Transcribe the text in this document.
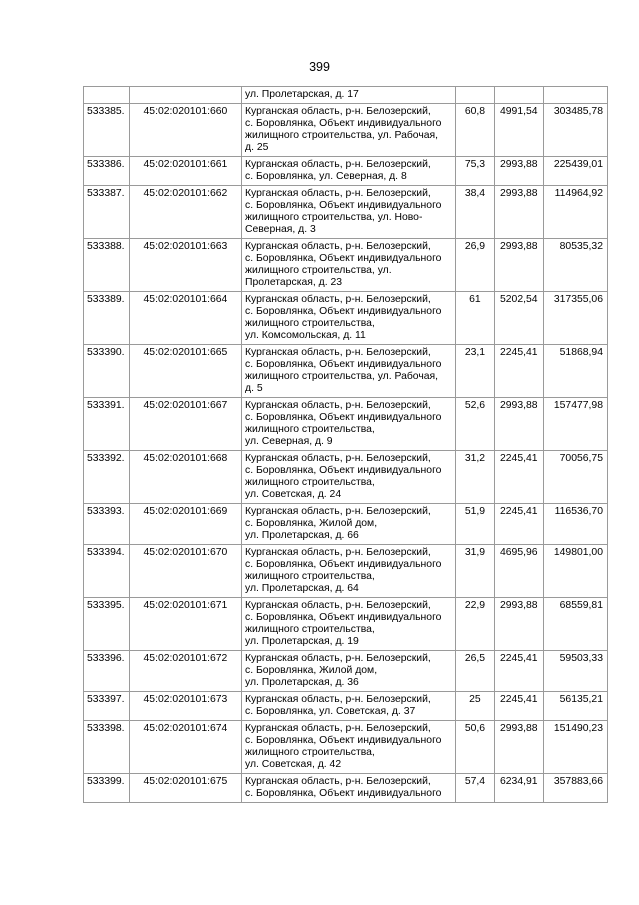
399

		ул. Пролетарская, д. 17			

533385.	45:02:020101:660	Курганская область, р-н. Белозерский,
с. Боровлянка, Объект индивидуального
жилищного строительства, ул. Рабочая,
д. 25	60,8	4991,54	303485,78
533386.	45:02:020101:661	Курганская область, р-н. Белозерский,
с. Боровлянка, ул. Северная, д. 8	75,3	2993,88	225439,01
533387.	45:02:020101:662	Курганская область, р-н. Белозерский,
с. Боровлянка, Объект индивидуального
жилищного строительства, ул. Ново-
Северная, д. 3	38,4	2993,88	114964,92
533388.	45:02:020101:663	Курганская область, р-н. Белозерский,
с. Боровлянка, Объект индивидуального
жилищного строительства, ул.
Пролетарская, д. 23	26,9	2993,88	80535,32
533389.	45:02:020101:664	Курганская область, р-н. Белозерский,
с. Боровлянка, Объект индивидуального
жилищного строительства,
ул. Комсомольская, д. 11	61	5202,54	317355,06
533390.	45:02:020101:665	Курганская область, р-н. Белозерский,
с. Боровлянка, Объект индивидуального
жилищного строительства, ул. Рабочая,
д. 5	23,1	2245,41	51868,94
533391.	45:02:020101:667	Курганская область, р-н. Белозерский,
с. Боровлянка, Объект индивидуального
жилищного строительства,
ул. Северная, д. 9	52,6	2993,88	157477,98
533392.	45:02:020101:668	Курганская область, р-н. Белозерский,
с. Боровлянка, Объект индивидуального
жилищного строительства,
ул. Советская, д. 24	31,2	2245,41	70056,75
533393.	45:02:020101:669	Курганская область, р-н. Белозерский,
с. Боровлянка, Жилой дом,
ул. Пролетарская, д. 66	51,9	2245,41	116536,70
533394.	45:02:020101:670	Курганская область, р-н. Белозерский,
с. Боровлянка, Объект индивидуального
жилищного строительства,
ул. Пролетарская, д. 64	31,9	4695,96	149801,00
533395.	45:02:020101:671	Курганская область, р-н. Белозерский,
с. Боровлянка, Объект индивидуального
жилищного строительства,
ул. Пролетарская, д. 19	22,9	2993,88	68559,81
533396.	45:02:020101:672	Курганская область, р-н. Белозерский,
с. Боровлянка, Жилой дом,
ул. Пролетарская, д. 36	26,5	2245,41	59503,33
533397.	45:02:020101:673	Курганская область, р-н. Белозерский,
с. Боровлянка, ул. Советская, д. 37	25	2245,41	56135,21
533398.	45:02:020101:674	Курганская область, р-н. Белозерский,
с. Боровлянка, Объект индивидуального
жилищного строительства,
ул. Советская, д. 42	50,6	2993,88	151490,23
533399.	45:02:020101:675	Курганская область, р-н. Белозерский,
с. Боровлянка, Объект индивидуального	57,4	6234,91	357883,66
